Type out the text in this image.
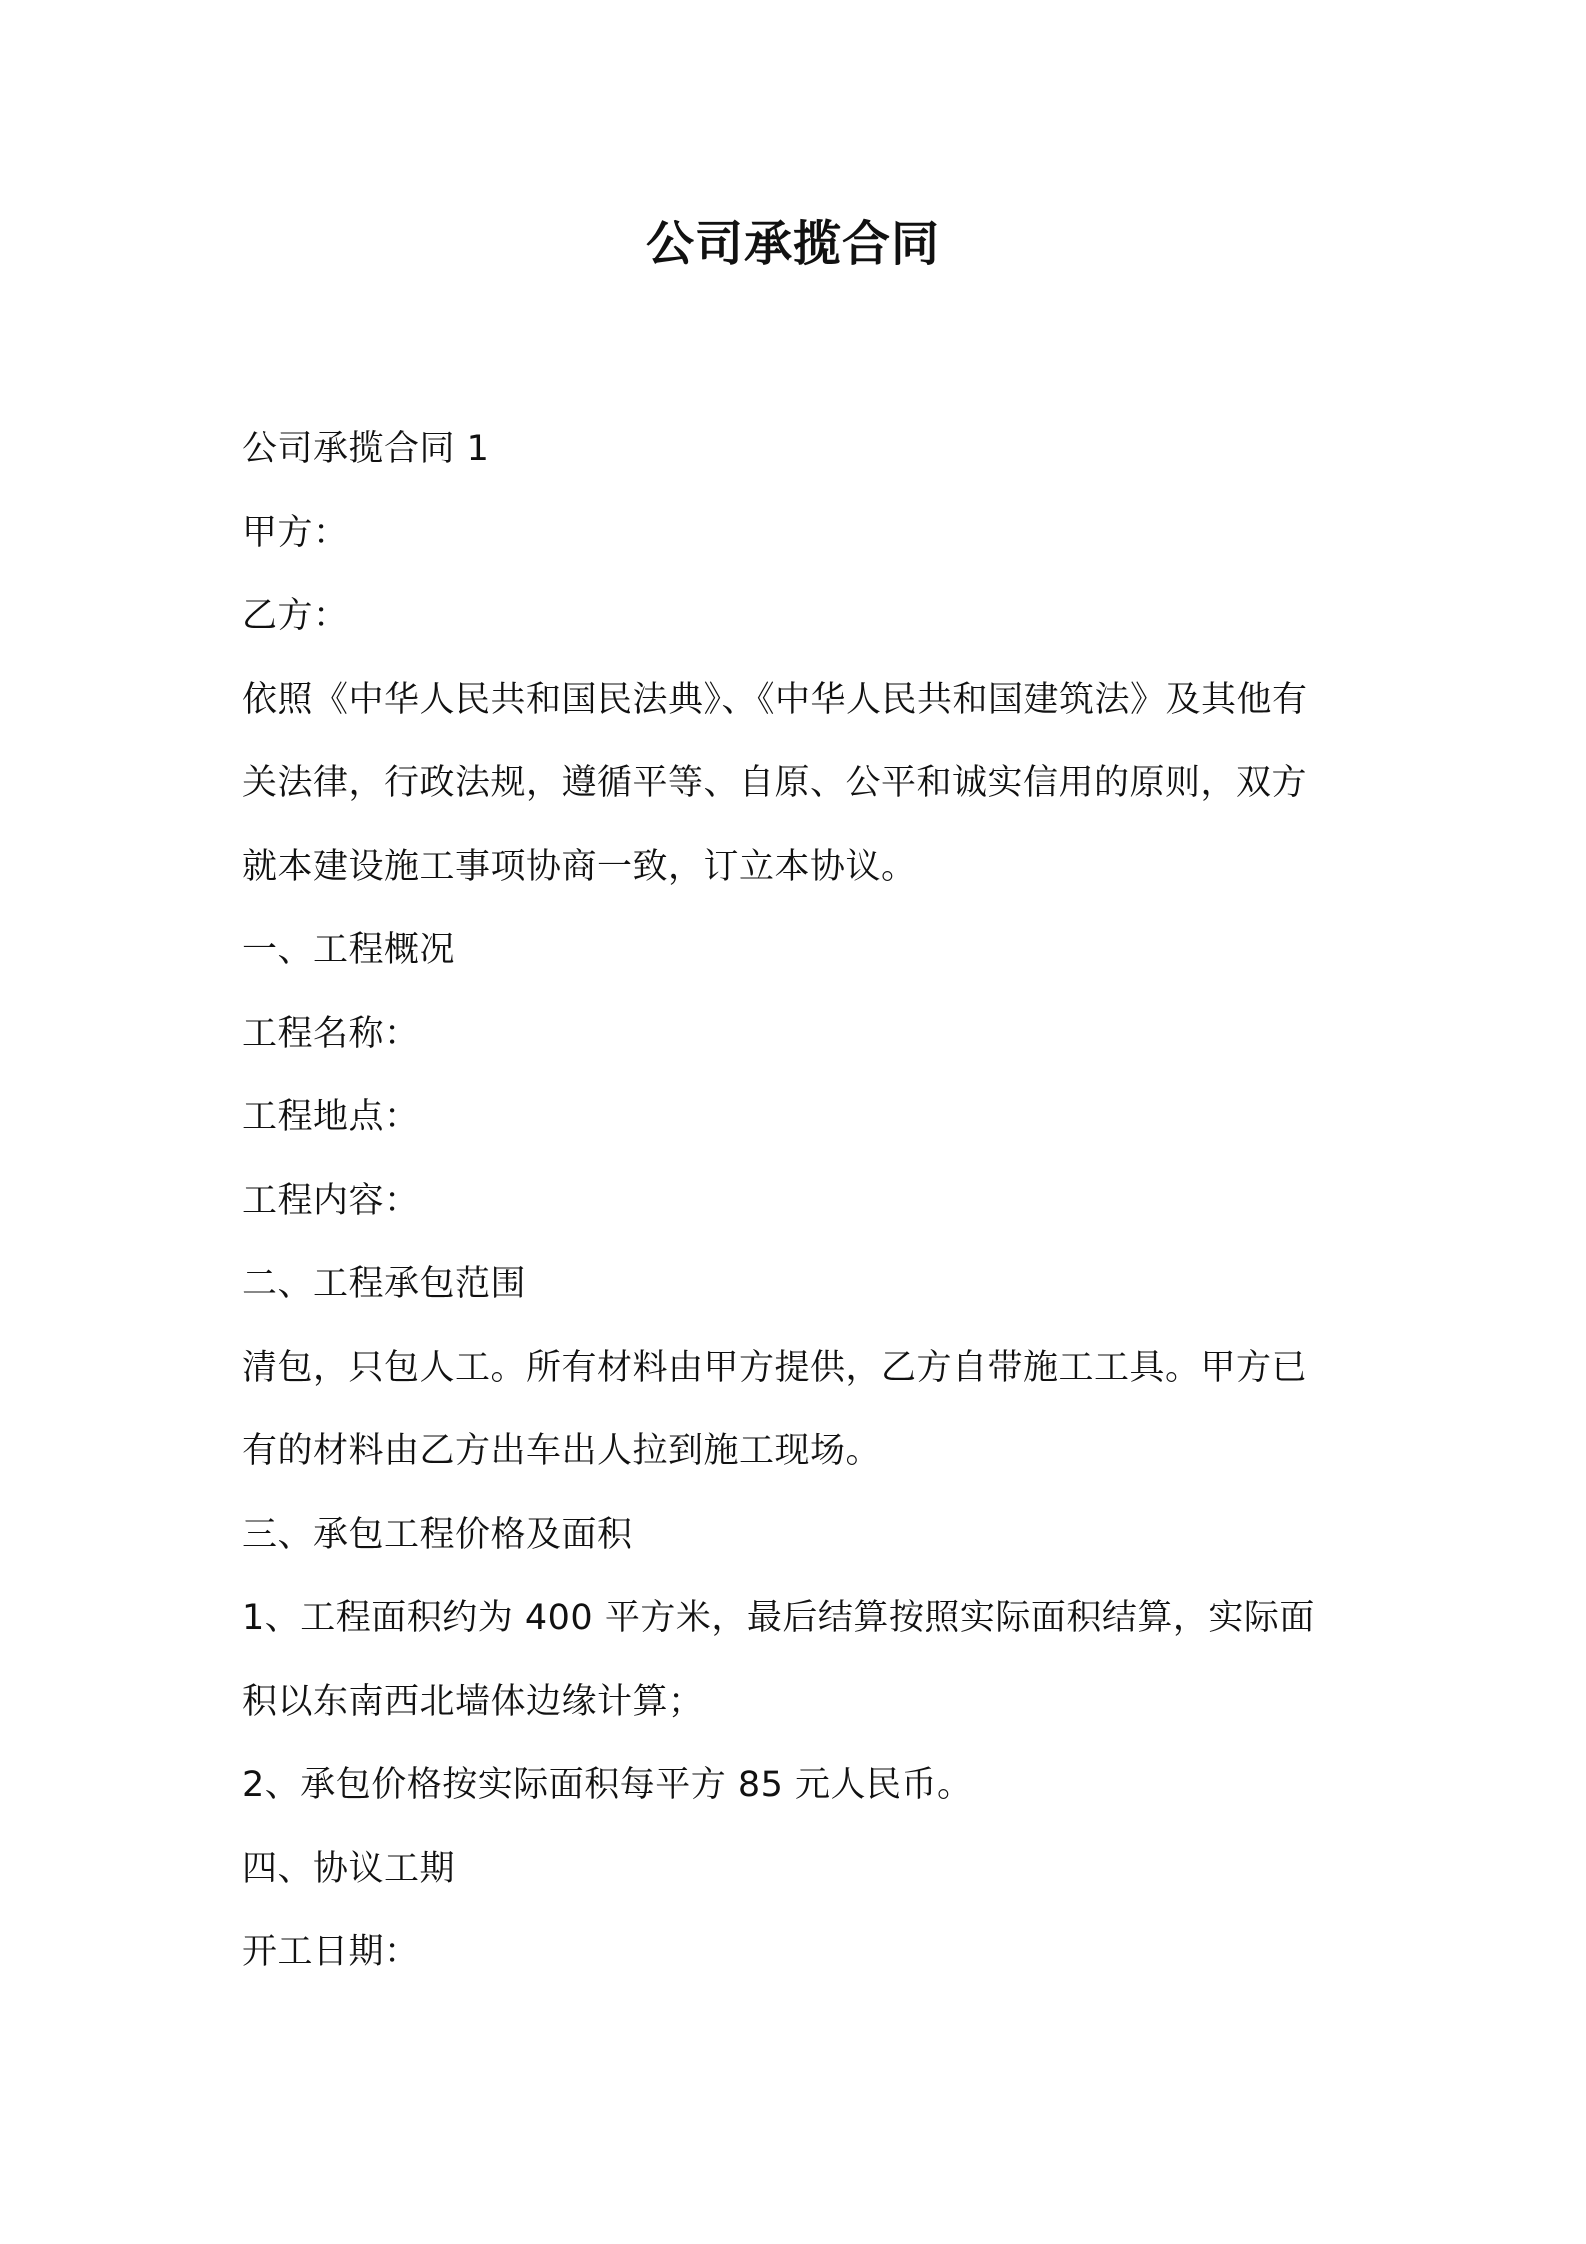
公司承揽合同

公司承揽合同 1

甲方：

乙方：

依照《中华人民共和国民法典》、《中华人民共和国建筑法》及其他有

关法律，行政法规，遵循平等、自原、公平和诚实信用的原则，双方

就本建设施工事项协商一致，订立本协议。

一、工程概况

工程名称：

工程地点：

工程内容：

二、工程承包范围

清包，只包人工。所有材料由甲方提供，乙方自带施工工具。甲方已

有的材料由乙方出车出人拉到施工现场。

三、承包工程价格及面积

1、工程面积约为 400 平方米，最后结算按照实际面积结算，实际面

积以东南西北墙体边缘计算；

2、承包价格按实际面积每平方 85 元人民币。

四、协议工期

开工日期：
